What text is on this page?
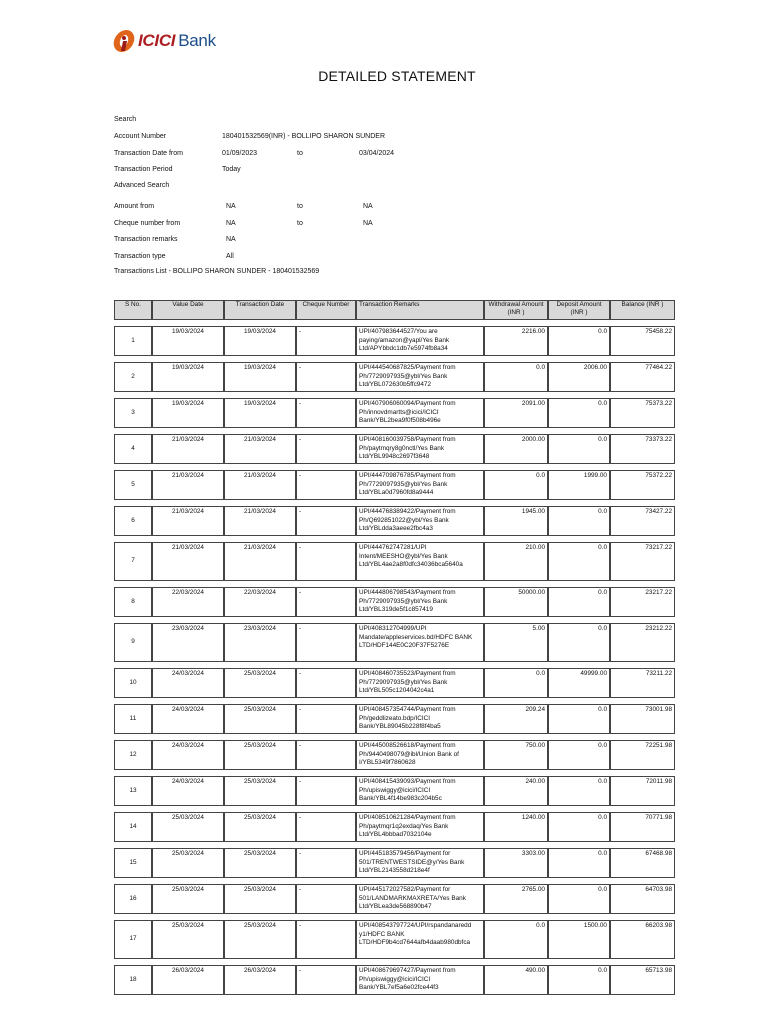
ICICI Bank
DETAILED STATEMENT
Search
Account Number	180401532569(INR) - BOLLIPO SHARON SUNDER
Transaction Date from	01/09/2023	to	03/04/2024
Transaction Period	Today
Advanced Search
Amount from	NA	to	NA
Cheque number from	NA	to	NA
Transaction remarks	NA
Transaction type	All
Transactions List - BOLLIPO SHARON SUNDER - 180401532569
S No.	Value Date	Transaction Date	Cheque Number	Transaction Remarks	Withdrawal Amount (INR )	Deposit Amount (INR )	Balance (INR )

1	19/03/2024	19/03/2024	-	UPI/407983644527/You are paying/amazon@yapl/Yes Bank Ltd/APYbbdc1db7e5974fb8a34	2216.00	0.0	75458.22

2	19/03/2024	19/03/2024	-	UPI/444540687825/Payment from Ph/7729097935@ybl/Yes Bank Ltd/YBL072630b5ffc9472	0.0	2006.00	77464.22

3	19/03/2024	19/03/2024	-	UPI/407906060094/Payment from Ph/innovdmartts@icici/ICICI Bank/YBL2bea9f0f508b496e	2091.00	0.0	75373.22

4	21/03/2024	21/03/2024	-	UPI/408160039758/Payment from Ph/paytmqry8g0nctl/Yes Bank Ltd/YBL9948c2697f3648	2000.00	0.0	73373.22

5	21/03/2024	21/03/2024	-	UPI/444709876785/Payment from Ph/7729097935@ybl/Yes Bank Ltd/YBLa0d7960fd8a9444	0.0	1999.00	75372.22

6	21/03/2024	21/03/2024	-	UPI/444768389422/Payment from Ph/Q692851022@ybl/Yes Bank Ltd/YBLdda3aeee2fbc4a3	1945.00	0.0	73427.22

7	21/03/2024	21/03/2024	-	UPI/444762747281/UPI Intent/MEESHO@ybl/Yes Bank Ltd/YBL4ae2a8f0dfc34036bca5640a	210.00	0.0	73217.22

8	22/03/2024	22/03/2024	-	UPI/444806798543/Payment from Ph/7729097935@ybl/Yes Bank Ltd/YBL319de5f1c857419	50000.00	0.0	23217.22

9	23/03/2024	23/03/2024	-	UPI/408312704999/UPI Mandate/appleservices.bd/HDFC BANK LTD/HDF144E0C20F37F5276E	5.00	0.0	23212.22

10	24/03/2024	25/03/2024	-	UPI/408460735523/Payment from Ph/7729097935@ybl/Yes Bank Ltd/YBL505c1204042c4a1	0.0	49999.00	73211.22

11	24/03/2024	25/03/2024	-	UPI/408457354744/Payment from Ph/geddlizeato.bdp/ICICI Bank/YBL89045b228f8f4ba5	209.24	0.0	73001.98

12	24/03/2024	25/03/2024	-	UPI/445008526618/Payment from Ph/9440498079@ibl/Union Bank of I/YBL5349f7860628	750.00	0.0	72251.98

13	24/03/2024	25/03/2024	-	UPI/408415439093/Payment from Ph/upiswiggy@icici/ICICI Bank/YBL4f14be983c204b5c	240.00	0.0	72011.98

14	25/03/2024	25/03/2024	-	UPI/408510621284/Payment from Ph/paytmqr1q2exdaq/Yes Bank Ltd/YBL4bbbad7032104e	1240.00	0.0	70771.98

15	25/03/2024	25/03/2024	-	UPI/445183579456/Payment for 501/TRENTWESTSIDE@y/Yes Bank Ltd/YBL2143558d218e4f	3303.00	0.0	67468.98

16	25/03/2024	25/03/2024	-	UPI/445172027582/Payment for 501/LANDMARKMAXRETA/Yes Bank Ltd/YBLea3de568890b47	2765.00	0.0	64703.98

17	25/03/2024	25/03/2024	-	UPI/408543797724/UPI/rspandanaredd y1/HDFC BANK LTD/HDF9b4cd7644afb4daab980dbfca	0.0	1500.00	66203.98

18	26/03/2024	26/03/2024	-	UPI/408679697427/Payment from Ph/upiswiggy@icici/ICICI Bank/YBL7ef5a6e02fce44f3	490.00	0.0	65713.98
